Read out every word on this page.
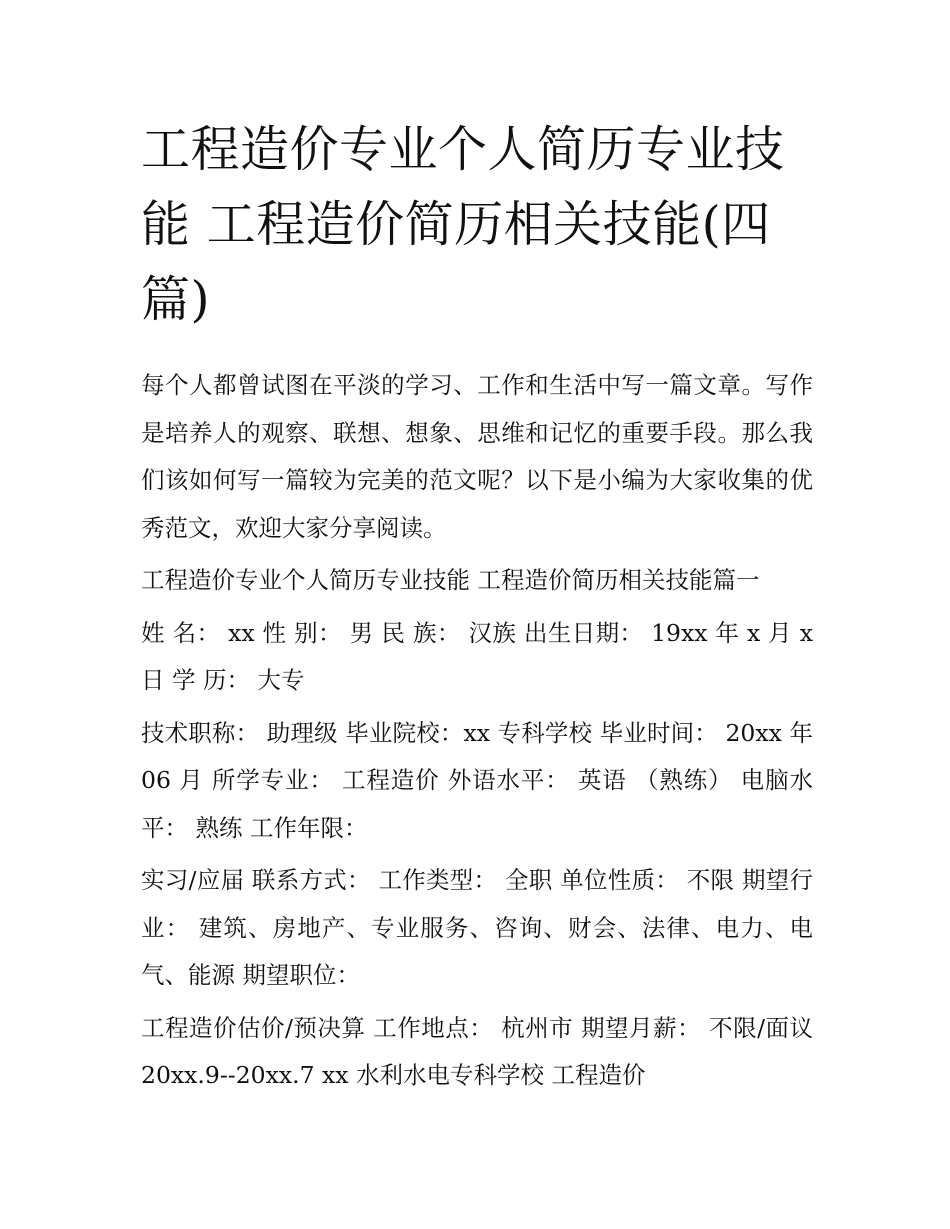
工程造价专业个人简历专业技能 工程造价简历相关技能(四篇)

每个人都曾试图在平淡的学习、工作和生活中写一篇文章。写作是培养人的观察、联想、想象、思维和记忆的重要手段。那么我们该如何写一篇较为完美的范文呢？以下是小编为大家收集的优秀范文，欢迎大家分享阅读。

工程造价专业个人简历专业技能 工程造价简历相关技能篇一

姓 名： xx 性 别： 男 民 族： 汉族 出生日期： 19xx 年 x 月 x 日 学 历： 大专

技术职称： 助理级 毕业院校：xx 专科学校 毕业时间： 20xx 年 06 月 所学专业： 工程造价 外语水平： 英语 （熟练） 电脑水平： 熟练 工作年限：

实习/应届 联系方式： 工作类型： 全职 单位性质： 不限 期望行业： 建筑、房地产、专业服务、咨询、财会、法律、电力、电气、能源 期望职位：

工程造价估价/预决算 工作地点： 杭州市 期望月薪： 不限/面议 20xx.9--20xx.7 xx 水利水电专科学校 工程造价
